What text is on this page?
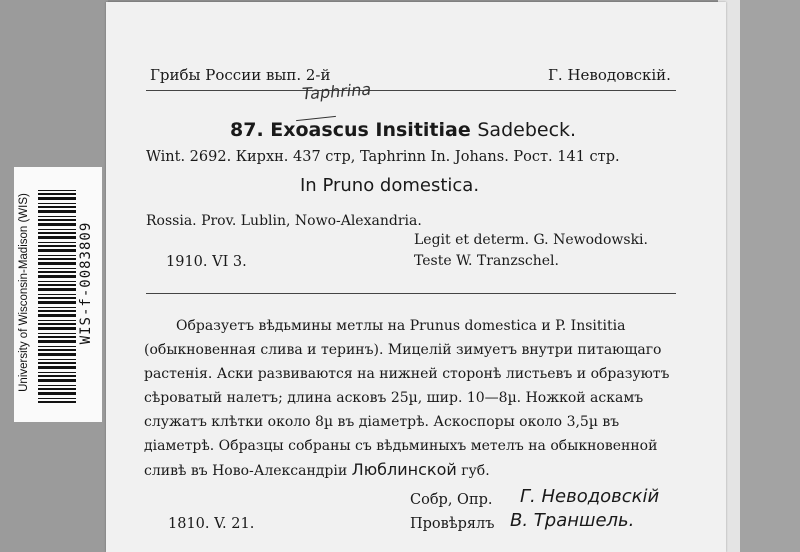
Грибы России вып. 2-й	Г. Неводовскій.
Taphrina
87. Exoascus Insititiae Sadebeck.
Wint. 2692. Кирхн. 437 стр, Taphrinn In. Johans. Рост. 141 стр.
In Pruno domestica.
Rossia. Prov. Lublin, Nowo-Alexandria.
Legit et determ. G. Newodowski.
1910. VI 3.	Teste W. Tranzschel.
Образуетъ вѣдьмины метлы на Prunus domestica и P. Insititia
(обыкновенная слива и теринъ). Мицелій зимуетъ внутри питающаго
растенія. Аски развиваются на нижней сторонѣ листьевъ и образуютъ
сѣроватый налетъ; длина асковъ 25µ, шир. 10—8µ. Ножкой аскамъ
служатъ клѣтки около 8µ въ діаметрѣ. Аскоспоры около 3,5µ въ
діаметрѣ. Образцы собраны съ вѣдьминыхъ метелъ на обыкновенной
сливѣ въ Ново-Александріи Люблинской губ.
Собр, Опр. Г. Неводовскій
1810. V. 21.	Провѣрялъ В. Траншель.
University of Wisconsin-Madison (WIS)	WIS-f-0083809
